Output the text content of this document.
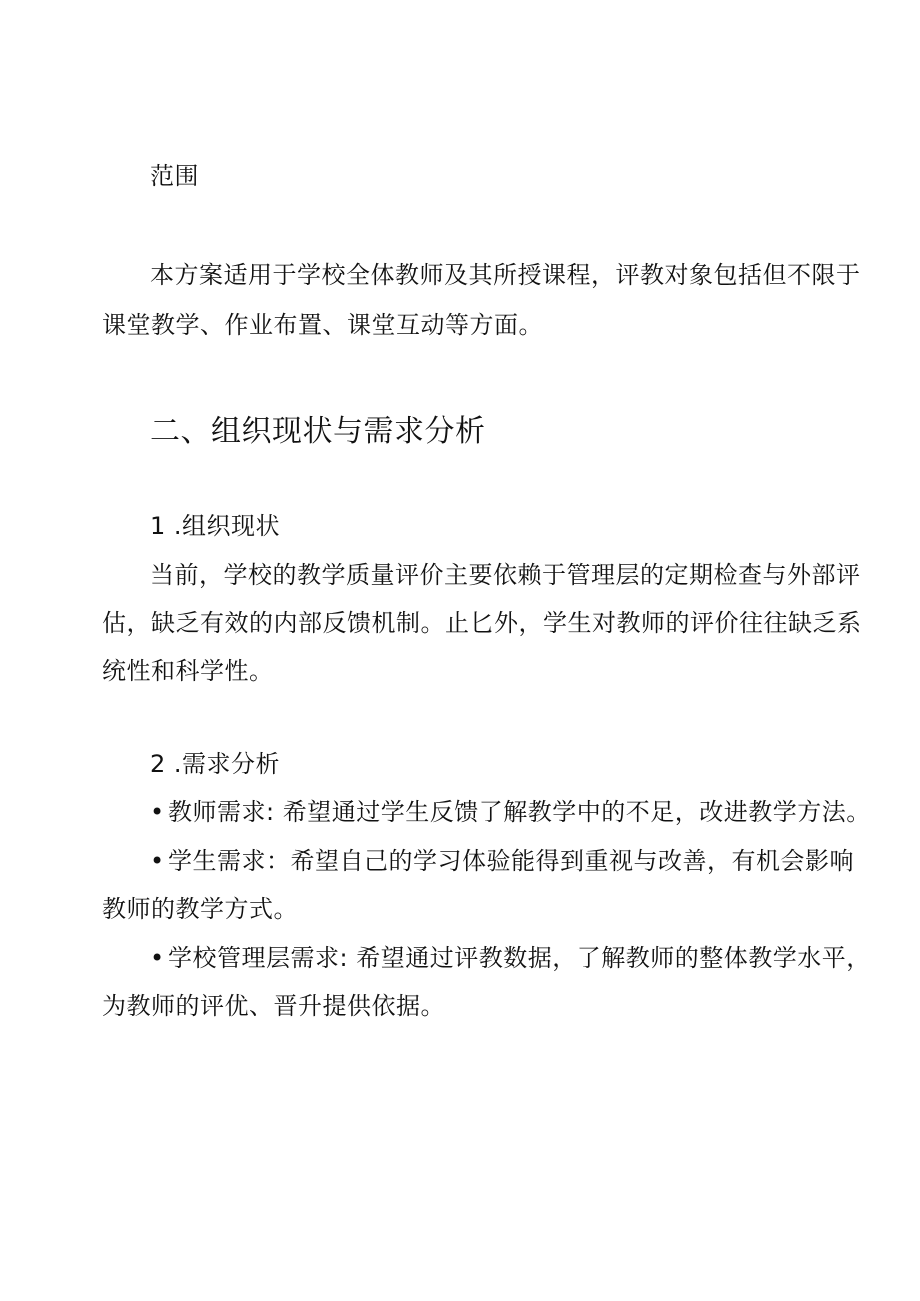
范围
本方案适用于学校全体教师及其所授课程，评教对象包括但不限于
课堂教学、作业布置、课堂互动等方面。
二、组织现状与需求分析
1 .组织现状
当前，学校的教学质量评价主要依赖于管理层的定期检查与外部评
估，缺乏有效的内部反馈机制。止匕外，学生对教师的评价往往缺乏系
统性和科学性。
2 .需求分析
• 教师需求: 希望通过学生反馈了解教学中的不足，改进教学方法。
• 学生需求：希望自己的学习体验能得到重视与改善，有机会影响
教师的教学方式。
• 学校管理层需求: 希望通过评教数据，了解教师的整体教学水平，
为教师的评优、晋升提供依据。
